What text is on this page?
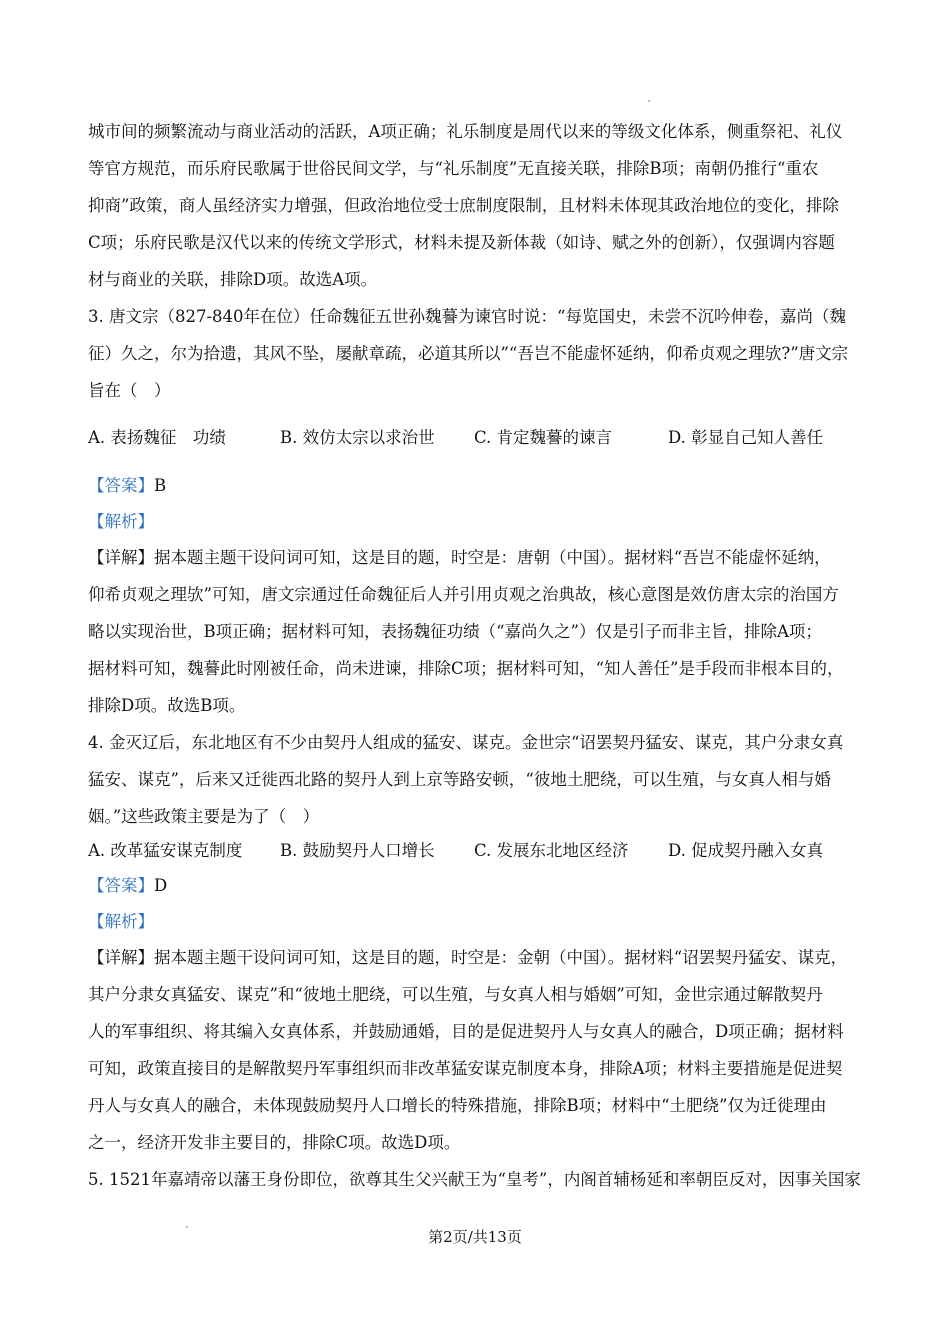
城市间的频繁流动与商业活动的活跃，A项正确；礼乐制度是周代以来的等级文化体系，侧重祭祀、礼仪
等官方规范，而乐府民歌属于世俗民间文学，与“礼乐制度”无直接关联，排除B项；南朝仍推行“重农
抑商”政策，商人虽经济实力增强，但政治地位受士庶制度限制，且材料未体现其政治地位的变化，排除
C项；乐府民歌是汉代以来的传统文学形式，材料未提及新体裁（如诗、赋之外的创新），仅强调内容题
材与商业的关联，排除D项。故选A项。
3. 唐文宗（827-840年在位）任命魏征五世孙魏謩为谏官时说：“每览国史，未尝不沉吟伸卷，嘉尚（魏
征）久之，尔为拾遗，其风不坠，屡献章疏，必道其所以”“吾岂不能虚怀延纳，仰希贞观之理欤?”唐文宗
旨在（　）
A. 表扬魏征　功绩	B. 效仿太宗以求治世 C. 肯定魏謩的谏言	D. 彰显自己知人善任
【答案】B
【解析】
【详解】据本题主题干设问词可知，这是目的题，时空是：唐朝（中国）。据材料“吾岂不能虚怀延纳，
仰希贞观之理欤”可知，唐文宗通过任命魏征后人并引用贞观之治典故，核心意图是效仿唐太宗的治国方
略以实现治世，B项正确；据材料可知，表扬魏征功绩（“嘉尚久之”）仅是引子而非主旨，排除A项；
据材料可知，魏謩此时刚被任命，尚未进谏，排除C项；据材料可知，“知人善任”是手段而非根本目的，
排除D项。故选B项。
4. 金灭辽后，东北地区有不少由契丹人组成的猛安、谋克。金世宗“诏罢契丹猛安、谋克，其户分隶女真
猛安、谋克”，后来又迁徙西北路的契丹人到上京等路安顿，“彼地土肥绕，可以生殖，与女真人相与婚
姻。”这些政策主要是为了（　）
A. 改革猛安谋克制度 B. 鼓励契丹人口增长 C. 发展东北地区经济 D. 促成契丹融入女真
【答案】D
【解析】
【详解】据本题主题干设问词可知，这是目的题，时空是：金朝（中国）。据材料“诏罢契丹猛安、谋克，
其户分隶女真猛安、谋克”和“彼地土肥绕，可以生殖，与女真人相与婚姻”可知，金世宗通过解散契丹
人的军事组织、将其编入女真体系，并鼓励通婚，目的是促进契丹人与女真人的融合，D项正确；据材料
可知，政策直接目的是解散契丹军事组织而非改革猛安谋克制度本身，排除A项；材料主要措施是促进契
丹人与女真人的融合，未体现鼓励契丹人口增长的特殊措施，排除B项；材料中“土肥绕”仅为迁徙理由
之一，经济开发非主要目的，排除C项。故选D项。
5. 1521年嘉靖帝以藩王身份即位，欲尊其生父兴献王为“皇考”，内阁首辅杨延和率朝臣反对，因事关国家
第2页/共13页
